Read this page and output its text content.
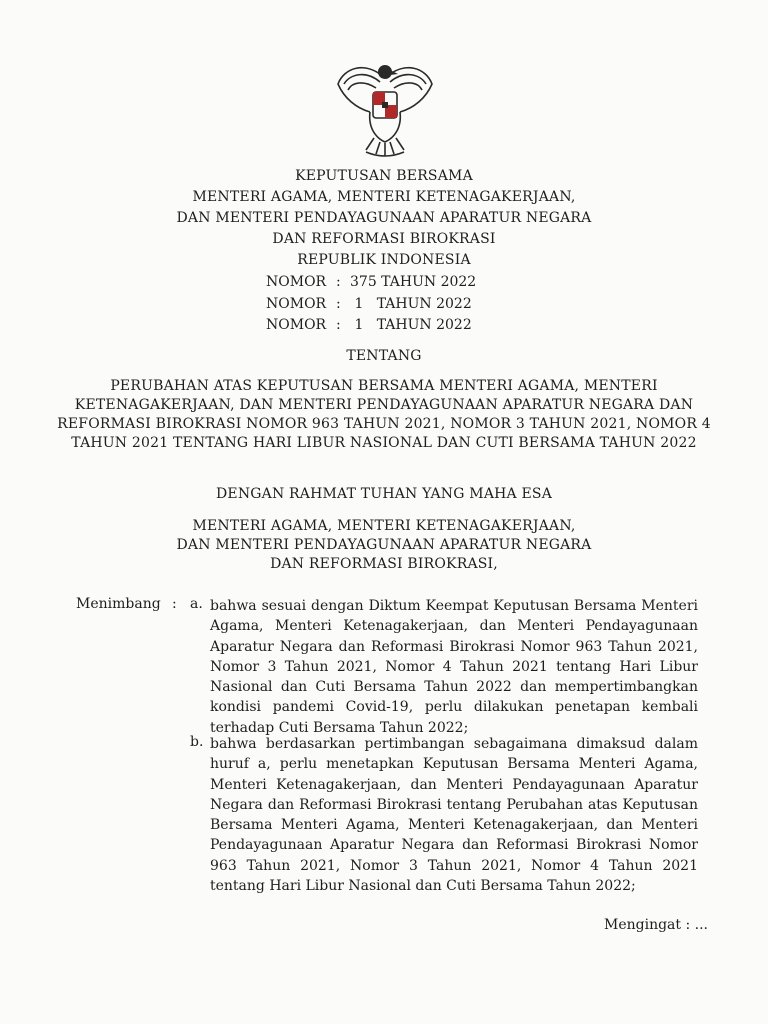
KEPUTUSAN BERSAMA
MENTERI AGAMA, MENTERI KETENAGAKERJAAN,
DAN MENTERI PENDAYAGUNAAN APARATUR NEGARA
DAN REFORMASI BIROKRASI
REPUBLIK INDONESIA
NOMOR : 375 TAHUN 2022
NOMOR : 1   TAHUN 2022
NOMOR : 1   TAHUN 2022
TENTANG
PERUBAHAN ATAS KEPUTUSAN BERSAMA MENTERI AGAMA, MENTERI KETENAGAKERJAAN, DAN MENTERI PENDAYAGUNAAN APARATUR NEGARA DAN REFORMASI BIROKRASI NOMOR 963 TAHUN 2021, NOMOR 3 TAHUN 2021, NOMOR 4 TAHUN 2021 TENTANG HARI LIBUR NASIONAL DAN CUTI BERSAMA TAHUN 2022
DENGAN RAHMAT TUHAN YANG MAHA ESA
MENTERI AGAMA, MENTERI KETENAGAKERJAAN,
DAN MENTERI PENDAYAGUNAAN APARATUR NEGARA
DAN REFORMASI BIROKRASI,
Menimbang : a. bahwa sesuai dengan Diktum Keempat Keputusan Bersama Menteri Agama, Menteri Ketenagakerjaan, dan Menteri Pendayagunaan Aparatur Negara dan Reformasi Birokrasi Nomor 963 Tahun 2021, Nomor 3 Tahun 2021, Nomor 4 Tahun 2021 tentang Hari Libur Nasional dan Cuti Bersama Tahun 2022 dan mempertimbangkan kondisi pandemi Covid-19, perlu dilakukan penetapan kembali terhadap Cuti Bersama Tahun 2022;
b. bahwa berdasarkan pertimbangan sebagaimana dimaksud dalam huruf a, perlu menetapkan Keputusan Bersama Menteri Agama, Menteri Ketenagakerjaan, dan Menteri Pendayagunaan Aparatur Negara dan Reformasi Birokrasi tentang Perubahan atas Keputusan Bersama Menteri Agama, Menteri Ketenagakerjaan, dan Menteri Pendayagunaan Aparatur Negara dan Reformasi Birokrasi Nomor 963 Tahun 2021, Nomor 3 Tahun 2021, Nomor 4 Tahun 2021 tentang Hari Libur Nasional dan Cuti Bersama Tahun 2022;
Mengingat : ...
